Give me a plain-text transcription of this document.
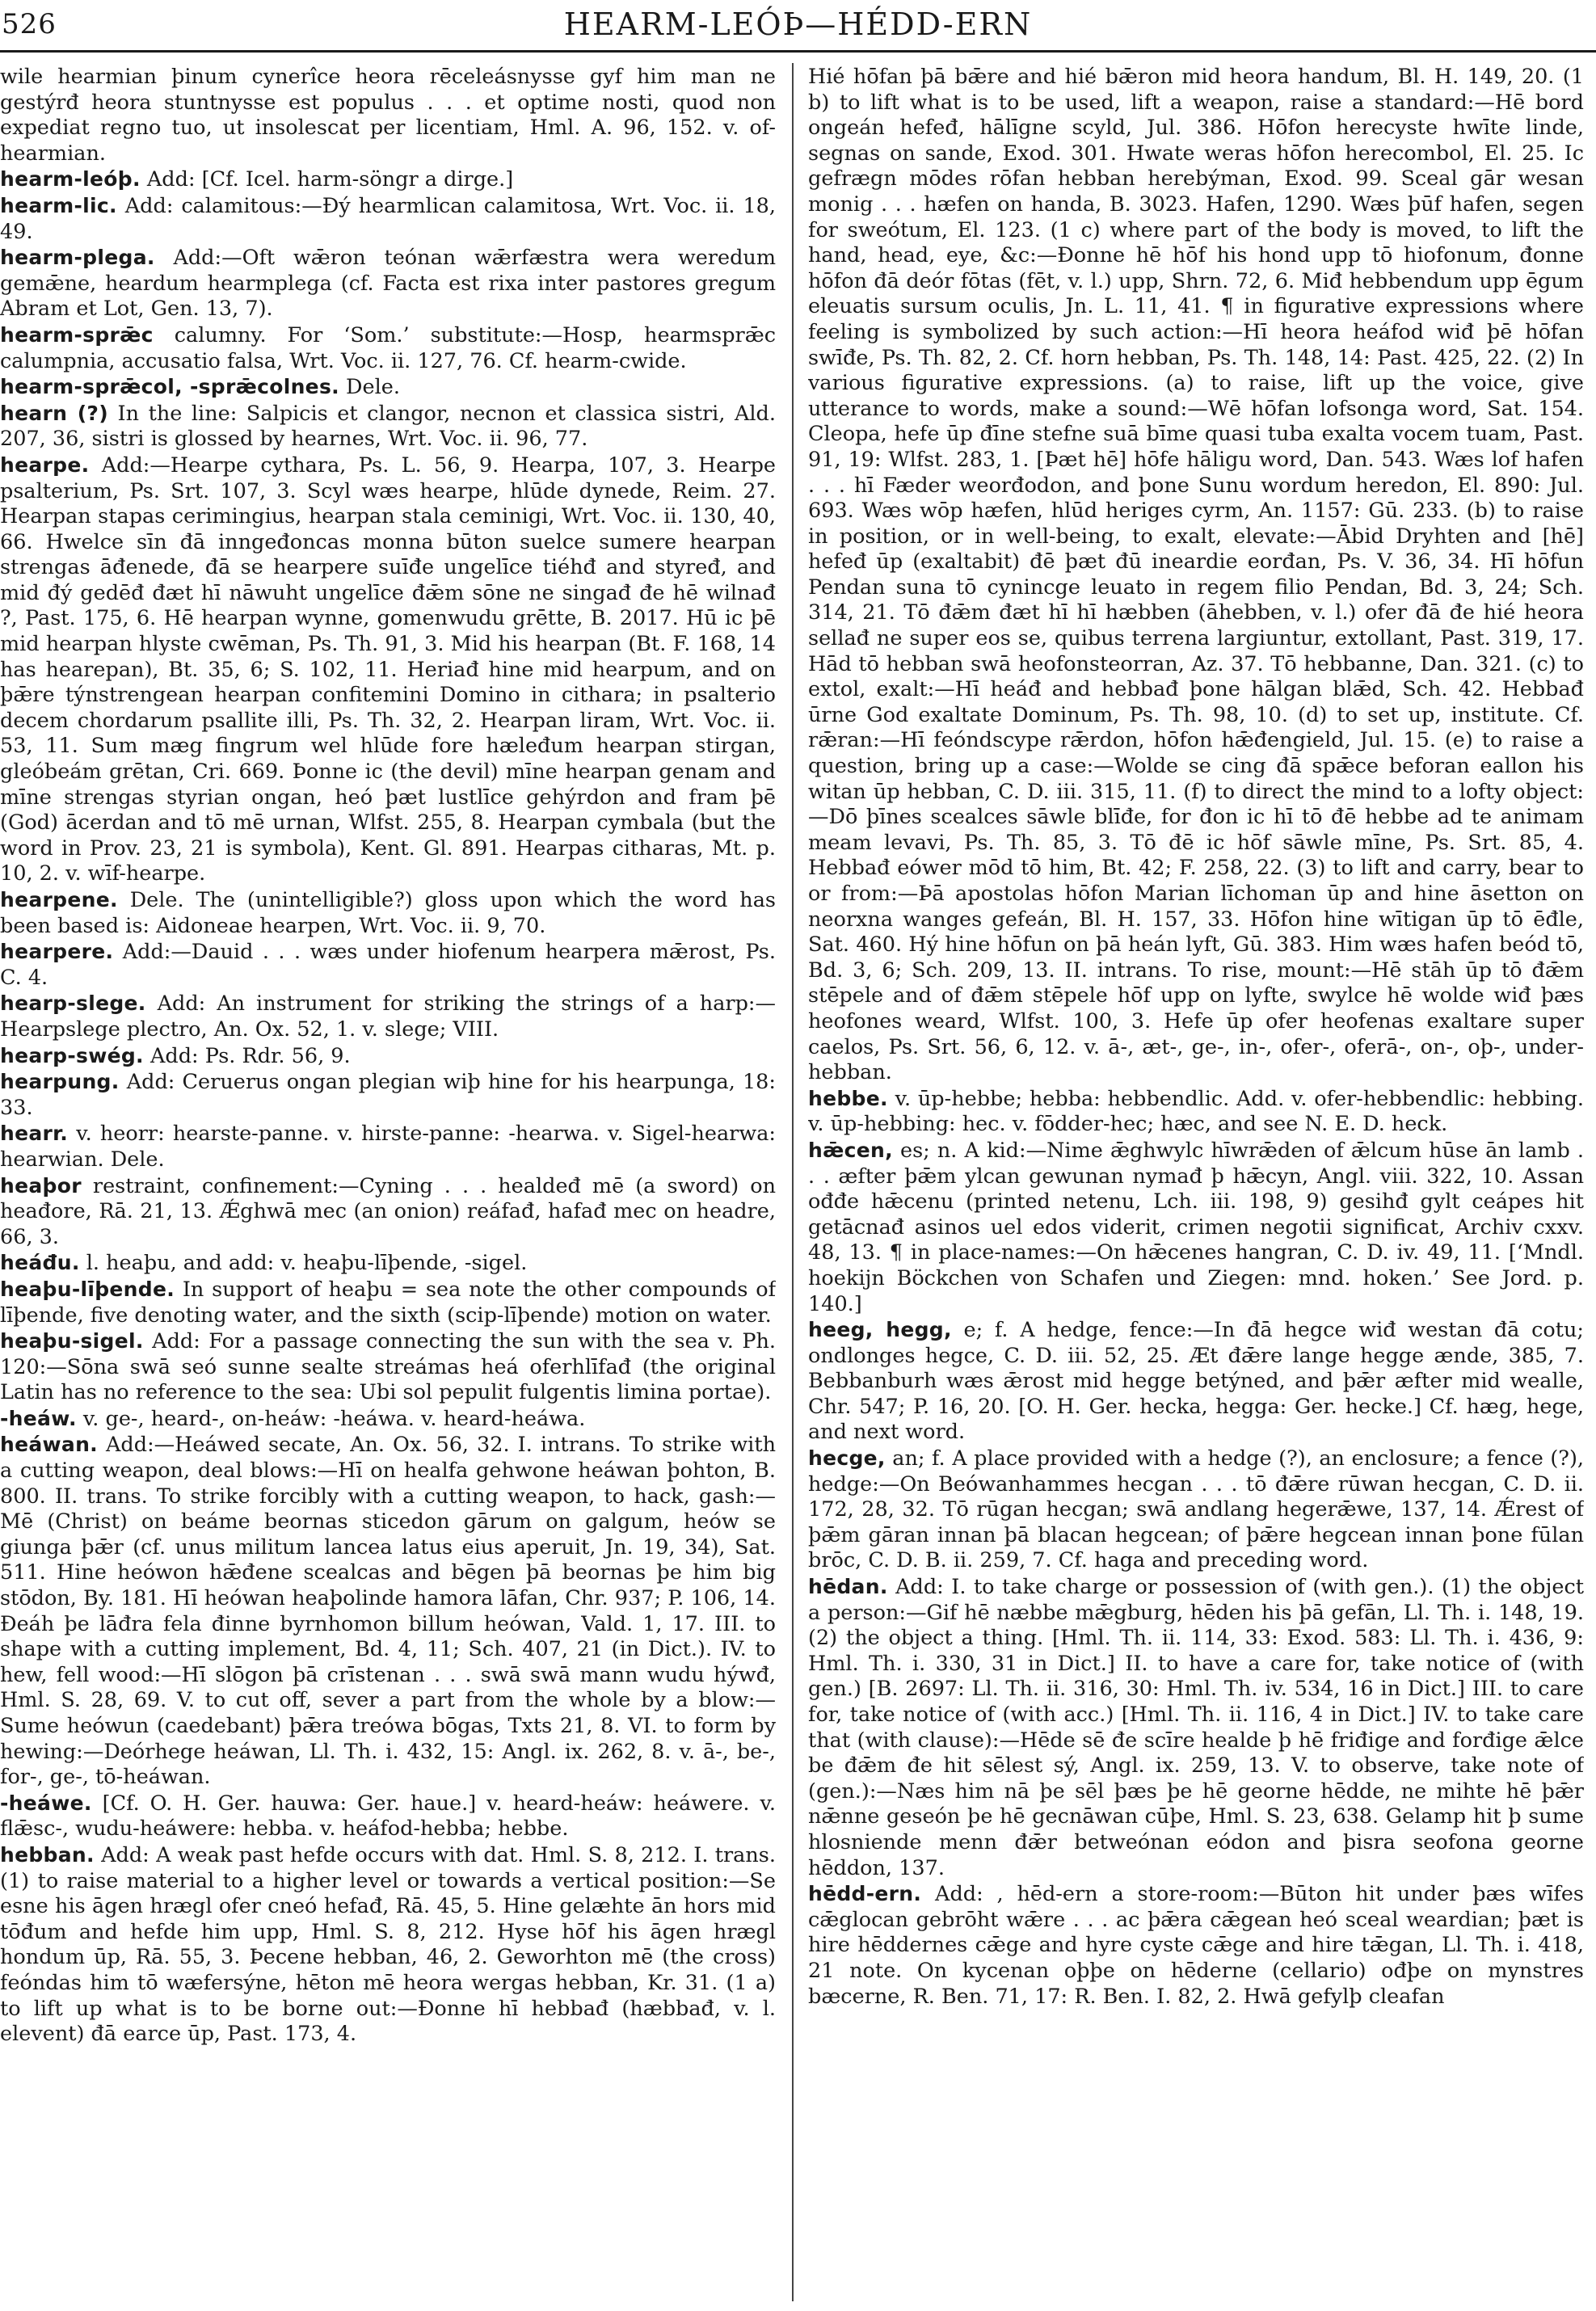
526	HEARM-LEÓÞ—HÉDD-ERN

wile hearmian þinum cynerîce heora rēceleásnysse gyf him man ne gestýrđ heora stuntnysse est populus . . . et optime nosti, quod non expediat regno tuo, ut insolescat per licentiam, Hml. A. 96, 152. v. of-hearmian.

hearm-leóþ. Add: [Cf. Icel. harm-söngr a dirge.]

hearm-lic. Add: calamitous:—Đý hearmlican calamitosa, Wrt. Voc. ii. 18, 49.

hearm-plega. Add:—Oft wǣron teónan wǣrfæstra wera weredum gemǣne, heardum hearmplega (cf. Facta est rixa inter pastores gregum Abram et Lot, Gen. 13, 7).

hearm-sprǣc calumny. For ‘Som.’ substitute:—Hosp, hearmsprǣc calumpnia, accusatio falsa, Wrt. Voc. ii. 127, 76. Cf. hearm-cwide.

hearm-sprǣcol, -sprǣcolnes. Dele.

hearn (?) In the line: Salpicis et clangor, necnon et classica sistri, Ald. 207, 36, sistri is glossed by hearnes, Wrt. Voc. ii. 96, 77.

hearpe. Add:—Hearpe cythara, Ps. L. 56, 9. Hearpa, 107, 3. Hearpe psalterium, Ps. Srt. 107, 3. Scyl wæs hearpe, hlūde dynede, Reim. 27. Hearpan stapas cerimingius, hearpan stala ceminigi, Wrt. Voc. ii. 130, 40, 66. Hwelce sīn đā inngeđoncas monna būton suelce sumere hearpan strengas āđenede, đā se hearpere suīđe ungelīce tiéhđ and styređ, and mid đý gedēđ đæt hī nāwuht ungelīce đǣm sōne ne singađ đe hē wilnađ ?, Past. 175, 6. Hē hearpan wynne, gomenwudu grētte, B. 2017. Hū ic þē mid hearpan hlyste cwēman, Ps. Th. 91, 3. Mid his hearpan (Bt. F. 168, 14 has hearepan), Bt. 35, 6; S. 102, 11. Heriađ hine mid hearpum, and on þǣre týnstrengean hearpan confitemini Domino in cithara; in psalterio decem chordarum psallite illi, Ps. Th. 32, 2. Hearpan liram, Wrt. Voc. ii. 53, 11. Sum mæg fingrum wel hlūde fore hæleđum hearpan stirgan, gleóbeám grētan, Cri. 669. Þonne ic (the devil) mīne hearpan genam and mīne strengas styrian ongan, heó þæt lustlīce gehýrdon and fram þē (God) ācerdan and tō mē urnan, Wlfst. 255, 8. Hearpan cymbala (but the word in Prov. 23, 21 is symbola), Kent. Gl. 891. Hearpas citharas, Mt. p. 10, 2. v. wīf-hearpe.

hearpene. Dele. The (unintelligible?) gloss upon which the word has been based is: Aidoneae hearpen, Wrt. Voc. ii. 9, 70.

hearpere. Add:—Dauid . . . wæs under hiofenum hearpera mǣrost, Ps. C. 4.

hearp-slege. Add: An instrument for striking the strings of a harp:—Hearpslege plectro, An. Ox. 52, 1. v. slege; VIII.

hearp-swég. Add: Ps. Rdr. 56, 9.

hearpung. Add: Ceruerus ongan plegian wiþ hine for his hearpunga, 18: 33.

hearr. v. heorr: hearste-panne. v. hirste-panne: -hearwa. v. Sigel-hearwa: hearwian. Dele.

heaþor restraint, confinement:—Cyning . . . healdeđ mē (a sword) on heađore, Rā. 21, 13. Ǽghwā mec (an onion) reáfađ, hafađ mec on headre, 66, 3.

heáđu. l. heaþu, and add: v. heaþu-līþende, -sigel.

heaþu-līþende. In support of heaþu = sea note the other compounds of līþende, five denoting water, and the sixth (scip-līþende) motion on water.

heaþu-sigel. Add: For a passage connecting the sun with the sea v. Ph. 120:—Sōna swā seó sunne sealte streámas heá oferhlīfađ (the original Latin has no reference to the sea: Ubi sol pepulit fulgentis limina portae).

-heáw. v. ge-, heard-, on-heáw: -heáwa. v. heard-heáwa.

heáwan. Add:—Heáwed secate, An. Ox. 56, 32. I. intrans. To strike with a cutting weapon, deal blows:—Hī on healfa gehwone heáwan þohton, B. 800. II. trans. To strike forcibly with a cutting weapon, to hack, gash:—Mē (Christ) on beáme beornas sticedon gārum on galgum, heów se giunga þǣr (cf. unus militum lancea latus eius aperuit, Jn. 19, 34), Sat. 511. Hine heówon hǣđene scealcas and bēgen þā beornas þe him big stōdon, By. 181. Hī heówan heaþolinde hamora lāfan, Chr. 937; P. 106, 14. Đeáh þe lāđra fela đinne byrnhomon billum heówan, Vald. 1, 17. III. to shape with a cutting implement, Bd. 4, 11; Sch. 407, 21 (in Dict.). IV. to hew, fell wood:—Hī slōgon þā crīstenan . . . swā swā mann wudu hýwđ, Hml. S. 28, 69. V. to cut off, sever a part from the whole by a blow:—Sume heówun (caedebant) þǣra treówa bōgas, Txts 21, 8. VI. to form by hewing:—Deórhege heáwan, Ll. Th. i. 432, 15: Angl. ix. 262, 8. v. ā-, be-, for-, ge-, tō-heáwan.

-heáwe. [Cf. O. H. Ger. hauwa: Ger. haue.] v. heard-heáw: heáwere. v. flǣsc-, wudu-heáwere: hebba. v. heáfod-hebba; hebbe.

hebban. Add: A weak past hefde occurs with dat. Hml. S. 8, 212. I. trans. (1) to raise material to a higher level or towards a vertical position:—Se esne his āgen hrægl ofer cneó hefađ, Rā. 45, 5. Hine gelæhte ān hors mid tōđum and hefde him upp, Hml. S. 8, 212. Hyse hōf his āgen hrægl hondum ūp, Rā. 55, 3. Þecene hebban, 46, 2. Geworhton mē (the cross) feóndas him tō wæfersýne, hēton mē heora wergas hebban, Kr. 31. (1 a) to lift up what is to be borne out:—Đonne hī hebbađ (hæbbađ, v. l. elevent) đā earce ūp, Past. 173, 4.

Hié hōfan þā bǣre and hié bǣron mid heora handum, Bl. H. 149, 20. (1 b) to lift what is to be used, lift a weapon, raise a standard:—Hē bord ongeán hefeđ, hālīgne scyld, Jul. 386. Hōfon herecyste hwīte linde, segnas on sande, Exod. 301. Hwate weras hōfon herecombol, El. 25. Ic gefrægn mōdes rōfan hebban herebýman, Exod. 99. Sceal gār wesan monig . . . hæfen on handa, B. 3023. Hafen, 1290. Wæs þūf hafen, segen for sweótum, El. 123. (1 c) where part of the body is moved, to lift the hand, head, eye, &c:—Đonne hē hōf his hond upp tō hiofonum, đonne hōfon đā deór fōtas (fēt, v. l.) upp, Shrn. 72, 6. Miđ hebbendum upp ēgum eleuatis sursum oculis, Jn. L. 11, 41. ¶ in figurative expressions where feeling is symbolized by such action:—Hī heora heáfod wiđ þē hōfan swīđe, Ps. Th. 82, 2. Cf. horn hebban, Ps. Th. 148, 14: Past. 425, 22. (2) In various figurative expressions. (a) to raise, lift up the voice, give utterance to words, make a sound:—Wē hōfan lofsonga word, Sat. 154. Cleopa, hefe ūp đīne stefne suā bīme quasi tuba exalta vocem tuam, Past. 91, 19: Wlfst. 283, 1. [Þæt hē] hōfe hāligu word, Dan. 543. Wæs lof hafen . . . hī Fæder weorđodon, and þone Sunu wordum heredon, El. 890: Jul. 693. Wæs wōp hæfen, hlūd heriges cyrm, An. 1157: Gū. 233. (b) to raise in position, or in well-being, to exalt, elevate:—Ābid Dryhten and [hē] hefeđ ūp (exaltabit) đē þæt đū ineardie eorđan, Ps. V. 36, 34. Hī hōfun Pendan suna tō cynincge leuato in regem filio Pendan, Bd. 3, 24; Sch. 314, 21. Tō đǣm đæt hī hī hæbben (āhebben, v. l.) ofer đā đe hié heora sellađ ne super eos se, quibus terrena largiuntur, extollant, Past. 319, 17. Hād tō hebban swā heofonsteorran, Az. 37. Tō hebbanne, Dan. 321. (c) to extol, exalt:—Hī heáđ and hebbađ þone hālgan blǣd, Sch. 42. Hebbađ ūrne God exaltate Dominum, Ps. Th. 98, 10. (d) to set up, institute. Cf. rǣran:—Hī feóndscype rǣrdon, hōfon hǣđengield, Jul. 15. (e) to raise a question, bring up a case:—Wolde se cing đā spǣce beforan eallon his witan ūp hebban, C. D. iii. 315, 11. (f) to direct the mind to a lofty object:—Dō þīnes scealces sāwle blīđe, for đon ic hī tō đē hebbe ad te animam meam levavi, Ps. Th. 85, 3. Tō đē ic hōf sāwle mīne, Ps. Srt. 85, 4. Hebbađ eówer mōd tō him, Bt. 42; F. 258, 22. (3) to lift and carry, bear to or from:—Þā apostolas hōfon Marian līchoman ūp and hine āsetton on neorxna wanges gefeán, Bl. H. 157, 33. Hōfon hine wītigan ūp tō ēđle, Sat. 460. Hý hine hōfun on þā heán lyft, Gū. 383. Him wæs hafen beód tō, Bd. 3, 6; Sch. 209, 13. II. intrans. To rise, mount:—Hē stāh ūp tō đǣm stēpele and of đǣm stēpele hōf upp on lyfte, swylce hē wolde wiđ þæs heofones weard, Wlfst. 100, 3. Hefe ūp ofer heofenas exaltare super caelos, Ps. Srt. 56, 6, 12. v. ā-, æt-, ge-, in-, ofer-, oferā-, on-, oþ-, under-hebban.

hebbe. v. ūp-hebbe; hebba: hebbendlic. Add. v. ofer-hebbendlic: hebbing. v. ūp-hebbing: hec. v. fōdder-hec; hæc, and see N. E. D. heck.

hǣcen, es; n. A kid:—Nime ǣghwylc hīwrǣden of ǣlcum hūse ān lamb . . . æfter þǣm ylcan gewunan nymađ þ hǣcyn, Angl. viii. 322, 10. Assan ođđe hǣcenu (printed netenu, Lch. iii. 198, 9) gesihđ gylt ceápes hit getācnađ asinos uel edos viderit, crimen negotii significat, Archiv cxxv. 48, 13. ¶ in place-names:—On hǣcenes hangran, C. D. iv. 49, 11. [‘Mndl. hoekijn Böckchen von Schafen und Ziegen: mnd. hoken.’ See Jord. p. 140.]

heeg, hegg, e; f. A hedge, fence:—In đā hegce wiđ westan đā cotu; ondlonges hegce, C. D. iii. 52, 25. Æt đǣre lange hegge ænde, 385, 7. Bebbanburh wæs ǣrost mid hegge betýned, and þǣr æfter mid wealle, Chr. 547; P. 16, 20. [O. H. Ger. hecka, hegga: Ger. hecke.] Cf. hæg, hege, and next word.

hecge, an; f. A place provided with a hedge (?), an enclosure; a fence (?), hedge:—On Beówanhammes hecgan . . . tō đǣre rūwan hecgan, C. D. ii. 172, 28, 32. Tō rūgan hecgan; swā andlang hegerǣwe, 137, 14. Ǽrest of þǣm gāran innan þā blacan hegcean; of þǣre hegcean innan þone fūlan brōc, C. D. B. ii. 259, 7. Cf. haga and preceding word.

hēdan. Add: I. to take charge or possession of (with gen.). (1) the object a person:—Gif hē næbbe mǣgburg, hēden his þā gefān, Ll. Th. i. 148, 19. (2) the object a thing. [Hml. Th. ii. 114, 33: Exod. 583: Ll. Th. i. 436, 9: Hml. Th. i. 330, 31 in Dict.] II. to have a care for, take notice of (with gen.) [B. 2697: Ll. Th. ii. 316, 30: Hml. Th. iv. 534, 16 in Dict.] III. to care for, take notice of (with acc.) [Hml. Th. ii. 116, 4 in Dict.] IV. to take care that (with clause):—Hēde sē đe scīre healde þ hē friđige and forđige ǣlce be đǣm đe hit sēlest sý, Angl. ix. 259, 13. V. to observe, take note of (gen.):—Næs him nā þe sēl þæs þe hē georne hēdde, ne mihte hē þǣr nǣnne geseón þe hē gecnāwan cūþe, Hml. S. 23, 638. Gelamp hit þ sume hlosniende menn đǣr betweónan eódon and þisra seofona georne hēddon, 137.

hēdd-ern. Add: , hēd-ern a store-room:—Būton hit under þæs wīfes cǣglocan gebrōht wǣre . . . ac þǣra cǣgean heó sceal weardian; þæt is hire hēddernes cǣge and hyre cyste cǣge and hire tǣgan, Ll. Th. i. 418, 21 note. On kycenan oþþe on hēderne (cellario) ođþe on mynstres bæcerne, R. Ben. 71, 17: R. Ben. I. 82, 2. Hwā gefylþ cleafan
